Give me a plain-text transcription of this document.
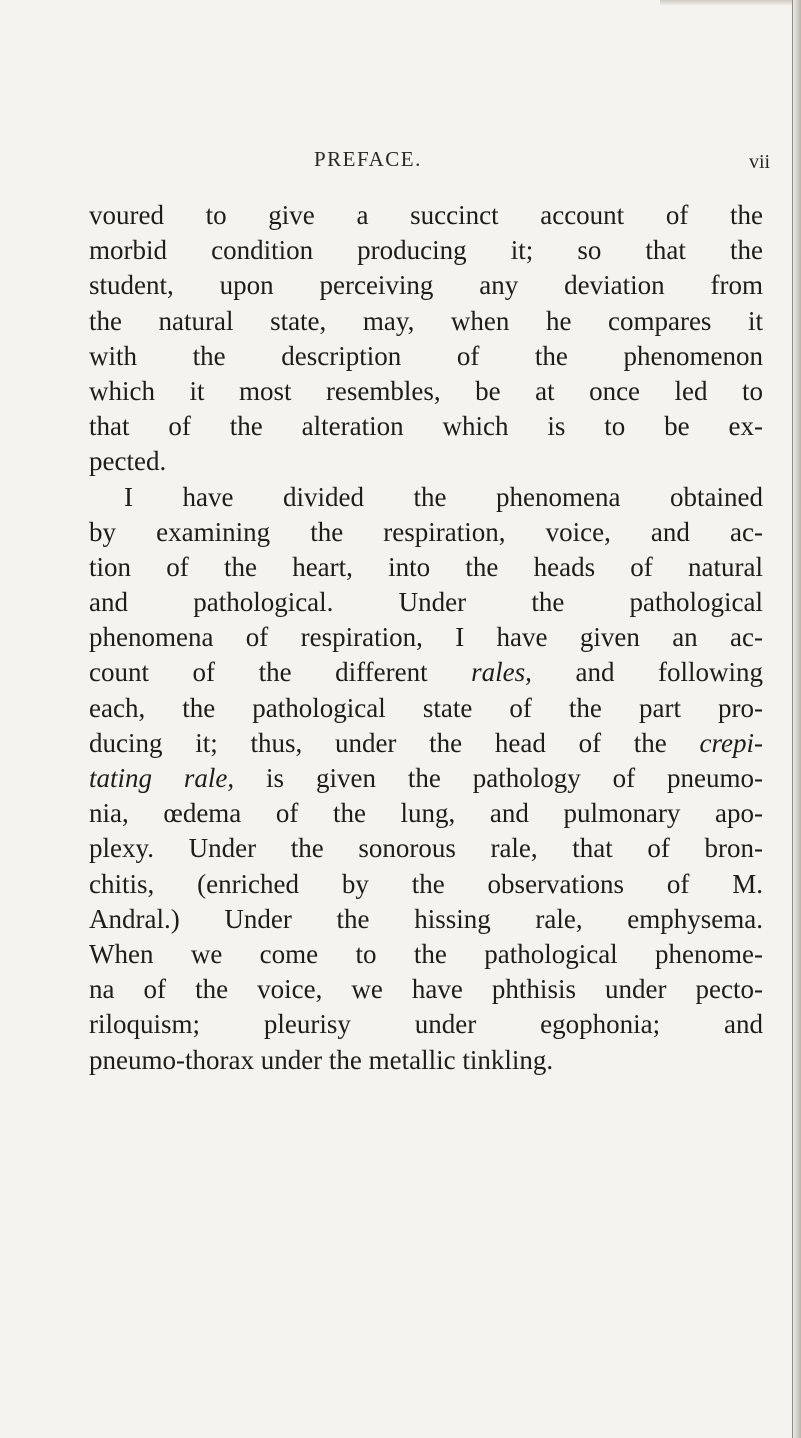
PREFACE.	vii
voured to give a succinct account of the
morbid condition producing it; so that the
student, upon perceiving any deviation from
the natural state, may, when he compares it
with the description of the phenomenon
which it most resembles, be at once led to
that of the alteration which is to be ex-
pected.
I have divided the phenomena obtained
by examining the respiration, voice, and ac-
tion of the heart, into the heads of natural
and pathological. Under the pathological
phenomena of respiration, I have given an ac-
count of the different rales, and following
each, the pathological state of the part pro-
ducing it; thus, under the head of the crepi-
tating rale, is given the pathology of pneumo-
nia, œdema of the lung, and pulmonary apo-
plexy. Under the sonorous rale, that of bron-
chitis, (enriched by the observations of M.
Andral.) Under the hissing rale, emphysema.
When we come to the pathological phenome-
na of the voice, we have phthisis under pecto-
riloquism; pleurisy under egophonia; and
pneumo-thorax under the metallic tinkling.
